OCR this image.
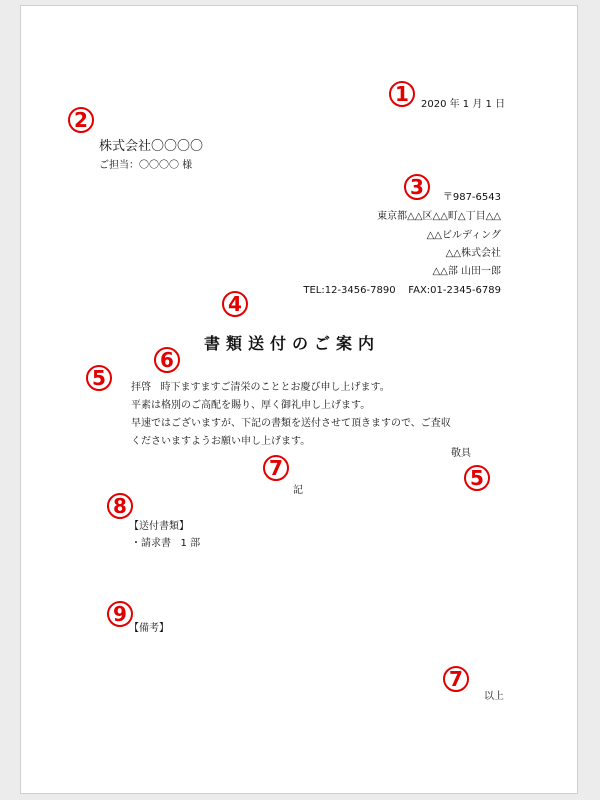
2020 年 1 月 1 日
株式会社〇〇〇〇
ご担当：〇〇〇〇 様
〒987-6543
東京都△△区△△町△丁目△△
△△ビルディング
△△株式会社
△△部 山田一郎
TEL:12-3456-7890    FAX:01-2345-6789
書類送付のご案内
拝啓   時下ますますご清栄のこととお慶び申し上げます。
平素は格別のご高配を賜り、厚く御礼申し上げます。
早速ではございますが、下記の書類を送付させて頂きますので、ご査収
くださいますようお願い申し上げます。
敬具
記
【送付書類】
・請求書   1 部
【備考】
以上
1
2
3
4
6
5
5
7
7
8
9
